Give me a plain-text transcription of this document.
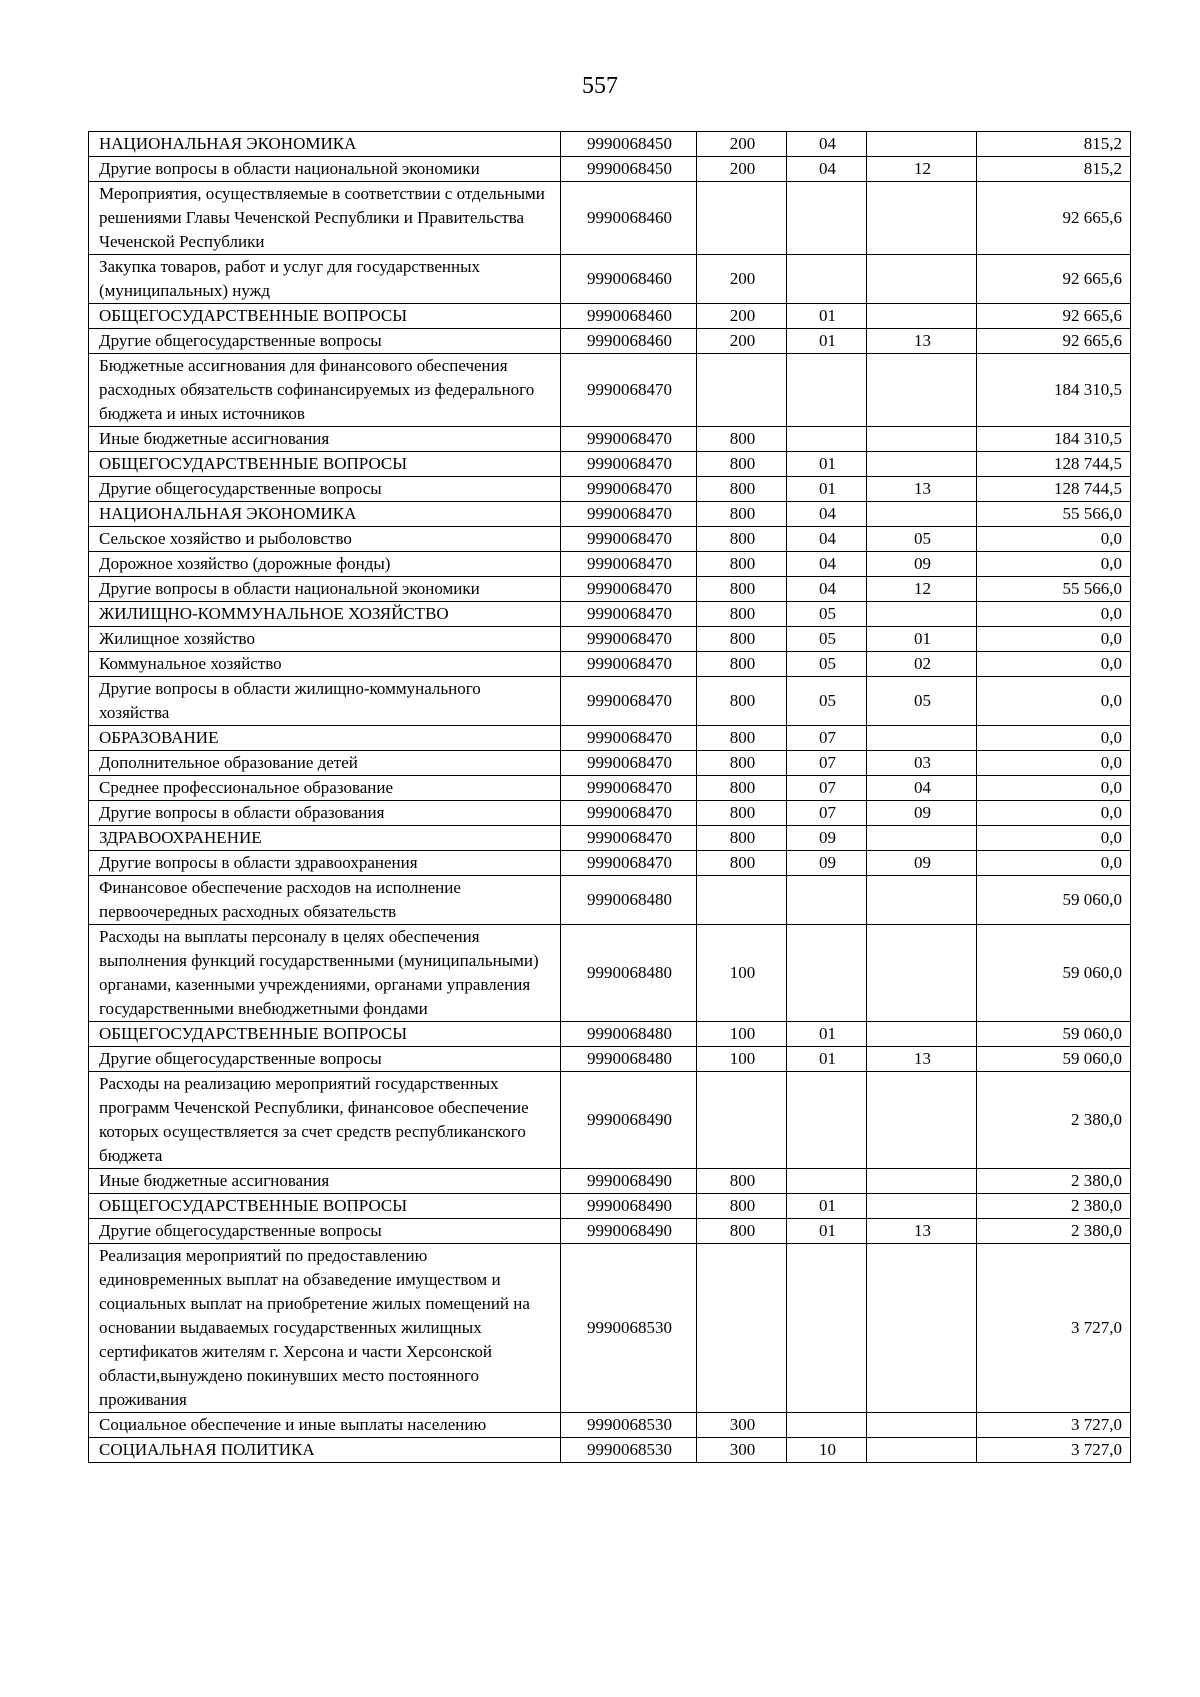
557
НАЦИОНАЛЬНАЯ ЭКОНОМИКА	9990068450	200	04		815,2
Другие вопросы в области национальной экономики	9990068450	200	04	12	815,2
Мероприятия, осуществляемые в соответствии с отдельными решениями Главы Чеченской Республики и Правительства Чеченской Республики	9990068460				92 665,6
Закупка товаров, работ и услуг для государственных (муниципальных) нужд	9990068460	200			92 665,6
ОБЩЕГОСУДАРСТВЕННЫЕ ВОПРОСЫ	9990068460	200	01		92 665,6
Другие общегосударственные вопросы	9990068460	200	01	13	92 665,6
Бюджетные ассигнования для финансового обеспечения расходных обязательств софинансируемых из федерального бюджета и иных источников	9990068470				184 310,5
Иные бюджетные ассигнования	9990068470	800			184 310,5
ОБЩЕГОСУДАРСТВЕННЫЕ ВОПРОСЫ	9990068470	800	01		128 744,5
Другие общегосударственные вопросы	9990068470	800	01	13	128 744,5
НАЦИОНАЛЬНАЯ ЭКОНОМИКА	9990068470	800	04		55 566,0
Сельское хозяйство и рыболовство	9990068470	800	04	05	0,0
Дорожное хозяйство (дорожные фонды)	9990068470	800	04	09	0,0
Другие вопросы в области национальной экономики	9990068470	800	04	12	55 566,0
ЖИЛИЩНО-КОММУНАЛЬНОЕ ХОЗЯЙСТВО	9990068470	800	05		0,0
Жилищное хозяйство	9990068470	800	05	01	0,0
Коммунальное хозяйство	9990068470	800	05	02	0,0
Другие вопросы в области жилищно-коммунального хозяйства	9990068470	800	05	05	0,0
ОБРАЗОВАНИЕ	9990068470	800	07		0,0
Дополнительное образование детей	9990068470	800	07	03	0,0
Среднее профессиональное образование	9990068470	800	07	04	0,0
Другие вопросы в области образования	9990068470	800	07	09	0,0
ЗДРАВООХРАНЕНИЕ	9990068470	800	09		0,0
Другие вопросы в области здравоохранения	9990068470	800	09	09	0,0
Финансовое обеспечение расходов на исполнение первоочередных расходных обязательств	9990068480				59 060,0
Расходы на выплаты персоналу в целях обеспечения выполнения функций государственными (муниципальными) органами, казенными учреждениями, органами управления государственными внебюджетными фондами	9990068480	100			59 060,0
ОБЩЕГОСУДАРСТВЕННЫЕ ВОПРОСЫ	9990068480	100	01		59 060,0
Другие общегосударственные вопросы	9990068480	100	01	13	59 060,0
Расходы на реализацию мероприятий государственных программ Чеченской Республики, финансовое обеспечение которых осуществляется за счет средств республиканского бюджета	9990068490				2 380,0
Иные бюджетные ассигнования	9990068490	800			2 380,0
ОБЩЕГОСУДАРСТВЕННЫЕ ВОПРОСЫ	9990068490	800	01		2 380,0
Другие общегосударственные вопросы	9990068490	800	01	13	2 380,0
Реализация мероприятий по предоставлению единовременных выплат на обзаведение имуществом и социальных выплат на приобретение жилых помещений на основании выдаваемых государственных жилищных сертификатов жителям г. Херсона и части Херсонской области,вынуждено покинувших место постоянного проживания	9990068530				3 727,0
Социальное обеспечение и иные выплаты населению	9990068530	300			3 727,0
СОЦИАЛЬНАЯ ПОЛИТИКА	9990068530	300	10		3 727,0
